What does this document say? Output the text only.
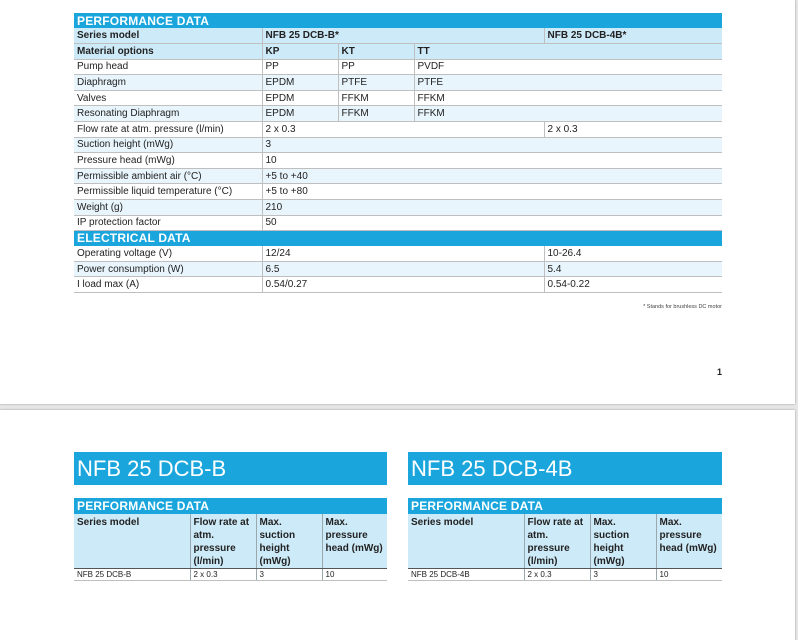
PERFORMANCE DATA				
Series model	NFB 25 DCB-B*			NFB 25 DCB-4B*
Material options	KP	KT	TT	
Pump head	PP	PP	PVDF	
Diaphragm	EPDM	PTFE	PTFE	
Valves	EPDM	FFKM	FFKM	
Resonating Diaphragm	EPDM	FFKM	FFKM	
Flow rate at atm. pressure (l/min)	2 x 0.3			2 x 0.3
Suction height (mWg)	3			
Pressure head (mWg)	10			
Permissible ambient air (°C)	+5 to +40			
Permissible liquid temperature (°C)	+5 to +80			
Weight (g)	210			
IP protection factor	50			
ELECTRICAL DATA				
Operating voltage (V)	12/24			10-26.4
Power consumption (W)	6.5			5.4
I load max (A)	0.54/0.27			0.54-0.22
* Stands for brushless DC motor
1
NFB 25 DCB-B	NFB 25 DCB-4B
PERFORMANCE DATA			
Series model	Flow rate at atm. pressure (l/min)	Max. suction height (mWg)	Max. pressure head (mWg)
NFB 25 DCB-B	2 x 0.3	3	10
PERFORMANCE DATA			
Series model	Flow rate at atm. pressure (l/min)	Max. suction height (mWg)	Max. pressure head (mWg)
NFB 25 DCB-4B	2 x 0.3	3	10
